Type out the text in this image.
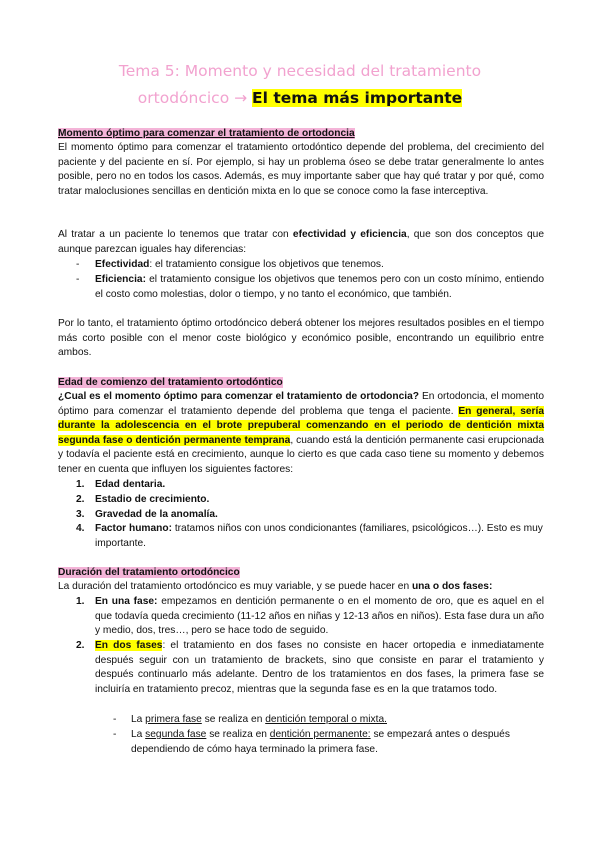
Tema 5: Momento y necesidad del tratamiento
ortodóncico → El tema más importante
Momento óptimo para comenzar el tratamiento de ortodoncia
El momento óptimo para comenzar el tratamiento ortodóntico depende del problema, del crecimiento del paciente y del paciente en sí. Por ejemplo, si hay un problema óseo se debe tratar generalmente lo antes posible, pero no en todos los casos. Además, es muy importante saber que hay qué tratar y por qué, como tratar maloclusiones sencillas en dentición mixta en lo que se conoce como la fase interceptiva.
Al tratar a un paciente lo tenemos que tratar con efectividad y eficiencia, que son dos conceptos que aunque parezcan iguales hay diferencias:
- Efectividad: el tratamiento consigue los objetivos que tenemos.
- Eficiencia: el tratamiento consigue los objetivos que tenemos pero con un costo mínimo, entiendo el costo como molestias, dolor o tiempo, y no tanto el económico, que también.
Por lo tanto, el tratamiento óptimo ortodóncico deberá obtener los mejores resultados posibles en el tiempo más corto posible con el menor coste biológico y económico posible, encontrando un equilibrio entre ambos.
Edad de comienzo del tratamiento ortodóntico
¿Cual es el momento óptimo para comenzar el tratamiento de ortodoncia? En ortodoncia, el momento óptimo para comenzar el tratamiento depende del problema que tenga el paciente. En general, sería durante la adolescencia en el brote prepuberal comenzando en el periodo de dentición mixta segunda fase o dentición permanente temprana, cuando está la dentición permanente casi erupcionada y todavía el paciente está en crecimiento, aunque lo cierto es que cada caso tiene su momento y debemos tener en cuenta que influyen los siguientes factores:
1. Edad dentaria.
2. Estadio de crecimiento.
3. Gravedad de la anomalía.
4. Factor humano: tratamos niños con unos condicionantes (familiares, psicológicos…). Esto es muy importante.
Duración del tratamiento ortodóncico
La duración del tratamiento ortodóncico es muy variable, y se puede hacer en una o dos fases:
1. En una fase: empezamos en dentición permanente o en el momento de oro, que es aquel en el que todavía queda crecimiento (11-12 años en niñas y 12-13 años en niños). Esta fase dura un año y medio, dos, tres…, pero se hace todo de seguido.
2. En dos fases: el tratamiento en dos fases no consiste en hacer ortopedia e inmediatamente después seguir con un tratamiento de brackets, sino que consiste en parar el tratamiento y después continuarlo más adelante. Dentro de los tratamientos en dos fases, la primera fase se incluiría en tratamiento precoz, mientras que la segunda fase es en la que tratamos todo.
- La primera fase se realiza en dentición temporal o mixta.
- La segunda fase se realiza en dentición permanente: se empezará antes o después dependiendo de cómo haya terminado la primera fase.
